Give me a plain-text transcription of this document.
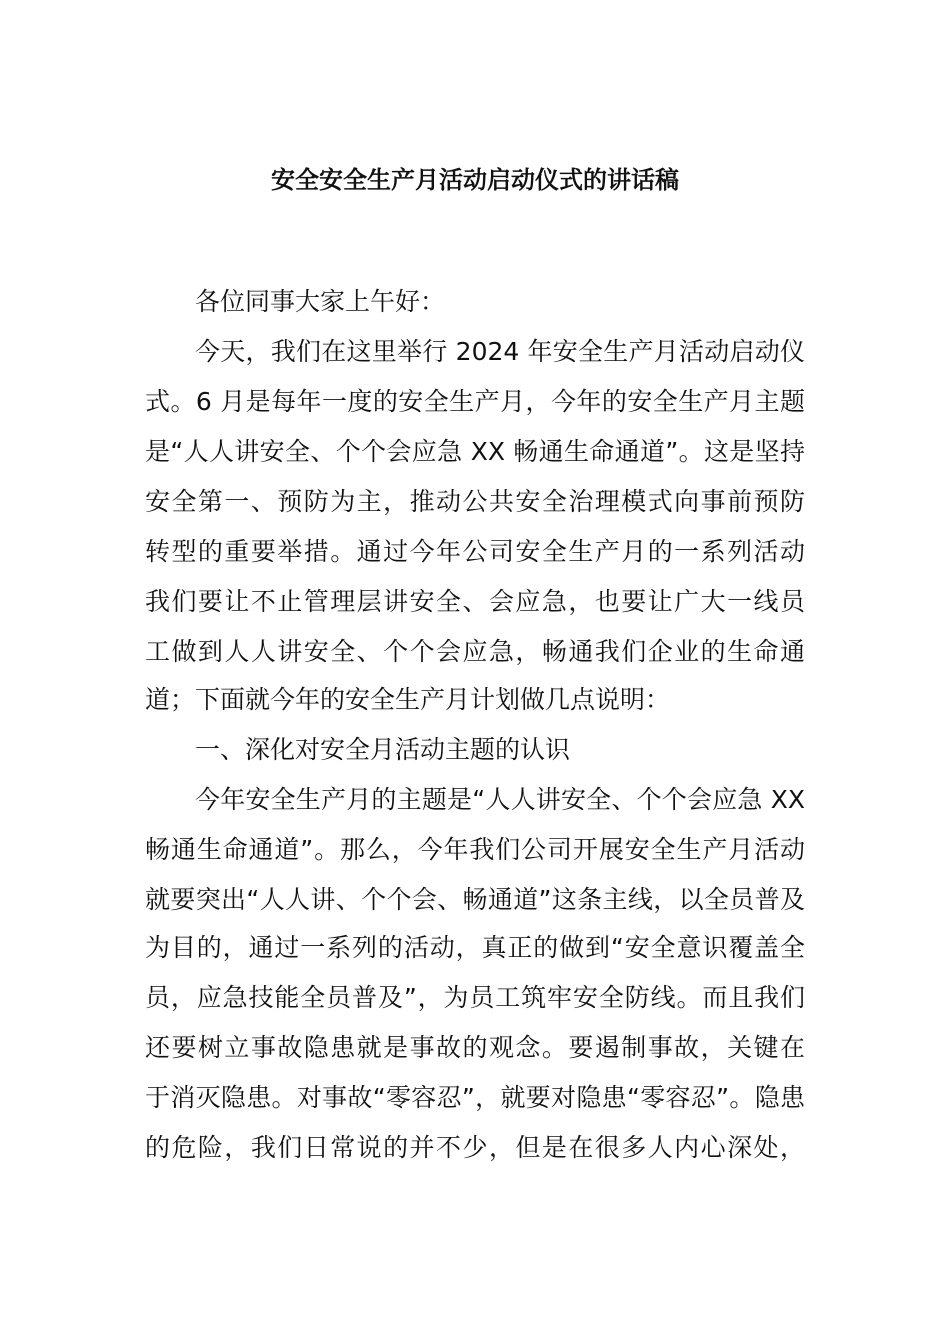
安全安全生产月活动启动仪式的讲话稿
各位同事大家上午好：
今天，我们在这里举行 2024 年安全生产月活动启动仪
式。6 月是每年一度的安全生产月，今年的安全生产月主题
是“人人讲安全、个个会应急 XX 畅通生命通道”。这是坚持
安全第一、预防为主，推动公共安全治理模式向事前预防
转型的重要举措。通过今年公司安全生产月的一系列活动
我们要让不止管理层讲安全、会应急，也要让广大一线员
工做到人人讲安全、个个会应急，畅通我们企业的生命通
道；下面就今年的安全生产月计划做几点说明：
一、深化对安全月活动主题的认识
今年安全生产月的主题是“人人讲安全、个个会应急 XX
畅通生命通道”。那么，今年我们公司开展安全生产月活动
就要突出“人人讲、个个会、畅通道”这条主线，以全员普及
为目的，通过一系列的活动，真正的做到“安全意识覆盖全
员，应急技能全员普及”，为员工筑牢安全防线。而且我们
还要树立事故隐患就是事故的观念。要遏制事故，关键在
于消灭隐患。对事故“零容忍”，就要对隐患“零容忍”。隐患
的危险，我们日常说的并不少，但是在很多人内心深处，
